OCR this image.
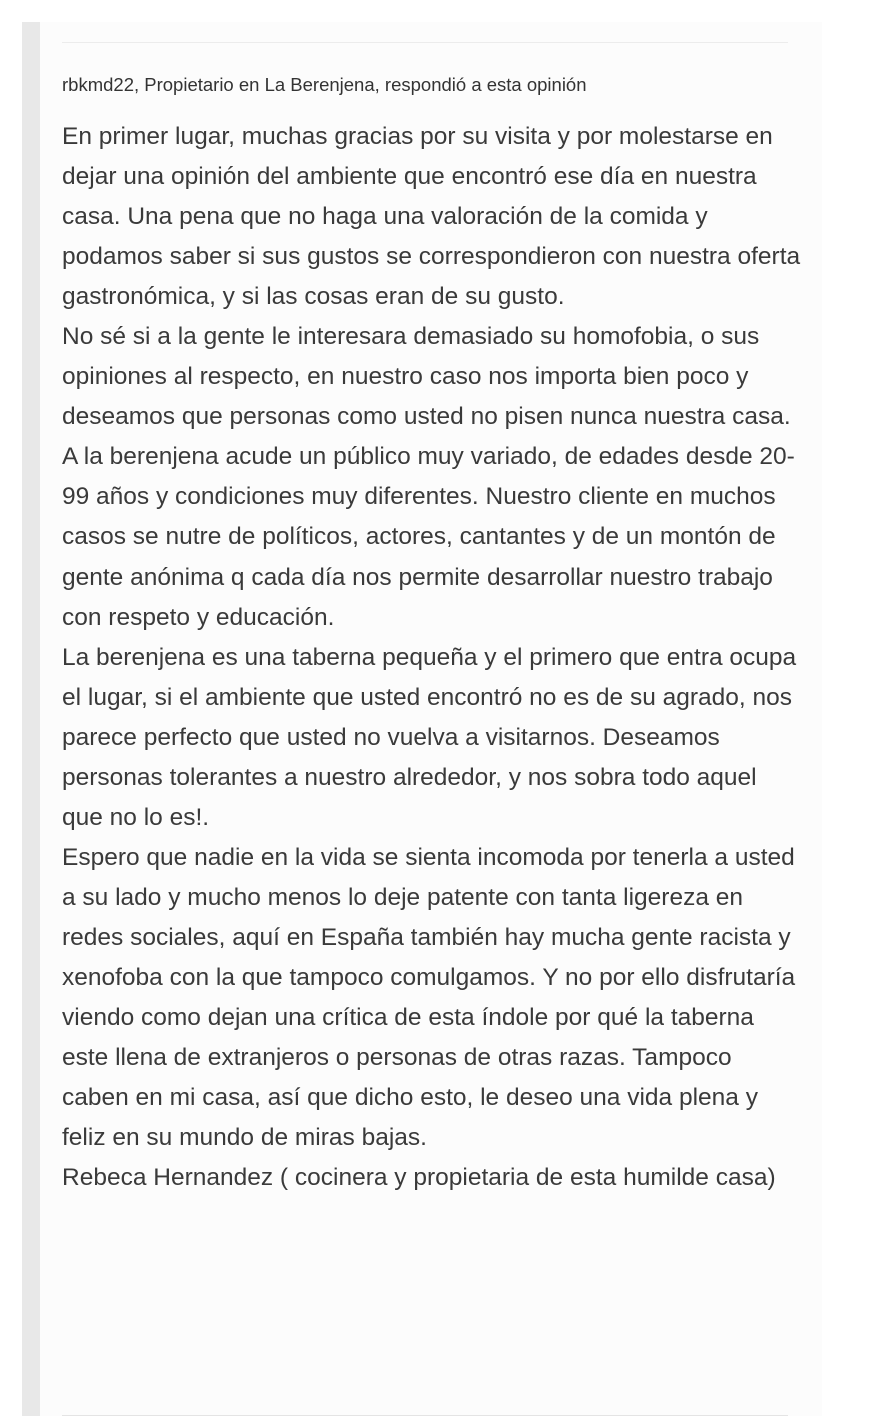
rbkmd22, Propietario en La Berenjena, respondió a esta opinión

En primer lugar, muchas gracias por su visita y por molestarse en dejar una opinión del ambiente que encontró ese día en nuestra casa. Una pena que no haga una valoración de la comida y podamos saber si sus gustos se correspondieron con nuestra oferta gastronómica, y si las cosas eran de su gusto.

No sé si a la gente le interesara demasiado su homofobia, o sus opiniones al respecto, en nuestro caso nos importa bien poco y deseamos que personas como usted no pisen nunca nuestra casa.

A la berenjena acude un público muy variado, de edades desde 20-99 años y condiciones muy diferentes. Nuestro cliente en muchos casos se nutre de políticos, actores, cantantes y de un montón de gente anónima q cada día nos permite desarrollar nuestro trabajo con respeto y educación.

La berenjena es una taberna pequeña y el primero que entra ocupa el lugar, si el ambiente que usted encontró no es de su agrado, nos parece perfecto que usted no vuelva a visitarnos. Deseamos personas tolerantes a nuestro alrededor, y nos sobra todo aquel que no lo es!.

Espero que nadie en la vida se sienta incomoda por tenerla a usted a su lado y mucho menos lo deje patente con tanta ligereza en redes sociales, aquí en España también hay mucha gente racista y xenofoba con la que tampoco comulgamos. Y no por ello disfrutaría viendo como dejan una crítica de esta índole por qué la taberna este llena de extranjeros o personas de otras razas. Tampoco caben en mi casa, así que dicho esto, le deseo una vida plena y feliz en su mundo de miras bajas.

Rebeca Hernandez ( cocinera y propietaria de esta humilde casa)
